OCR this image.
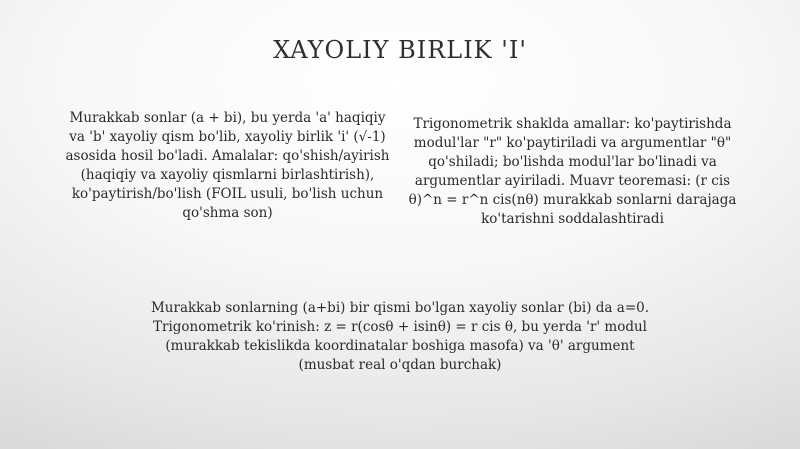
XAYOLIY BIRLIK 'I'
Murakkab sonlar (a + bi), bu yerda 'a' haqiqiy va 'b' xayoliy qism bo'lib, xayoliy birlik 'i' (√-1) asosida hosil bo'ladi. Amalalar: qo'shish/ayirish (haqiqiy va xayoliy qismlarni birlashtirish), ko'paytirish/bo'lish (FOIL usuli, bo'lish uchun qo'shma son)
Trigonometrik shaklda amallar: ko'paytirishda modul'lar "r" ko'paytiriladi va argumentlar "θ" qo'shiladi; bo'lishda modul'lar bo'linadi va argumentlar ayiriladi. Muavr teoremasi: (r cis θ)^n = r^n cis(nθ) murakkab sonlarni darajaga ko'tarishni soddalashtiradi
Murakkab sonlarning (a+bi) bir qismi bo'lgan xayoliy sonlar (bi) da a=0. Trigonometrik ko'rinish: z = r(cosθ + isinθ) = r cis θ, bu yerda 'r' modul (murakkab tekislikda koordinatalar boshiga masofa) va 'θ' argument (musbat real o'qdan burchak)
